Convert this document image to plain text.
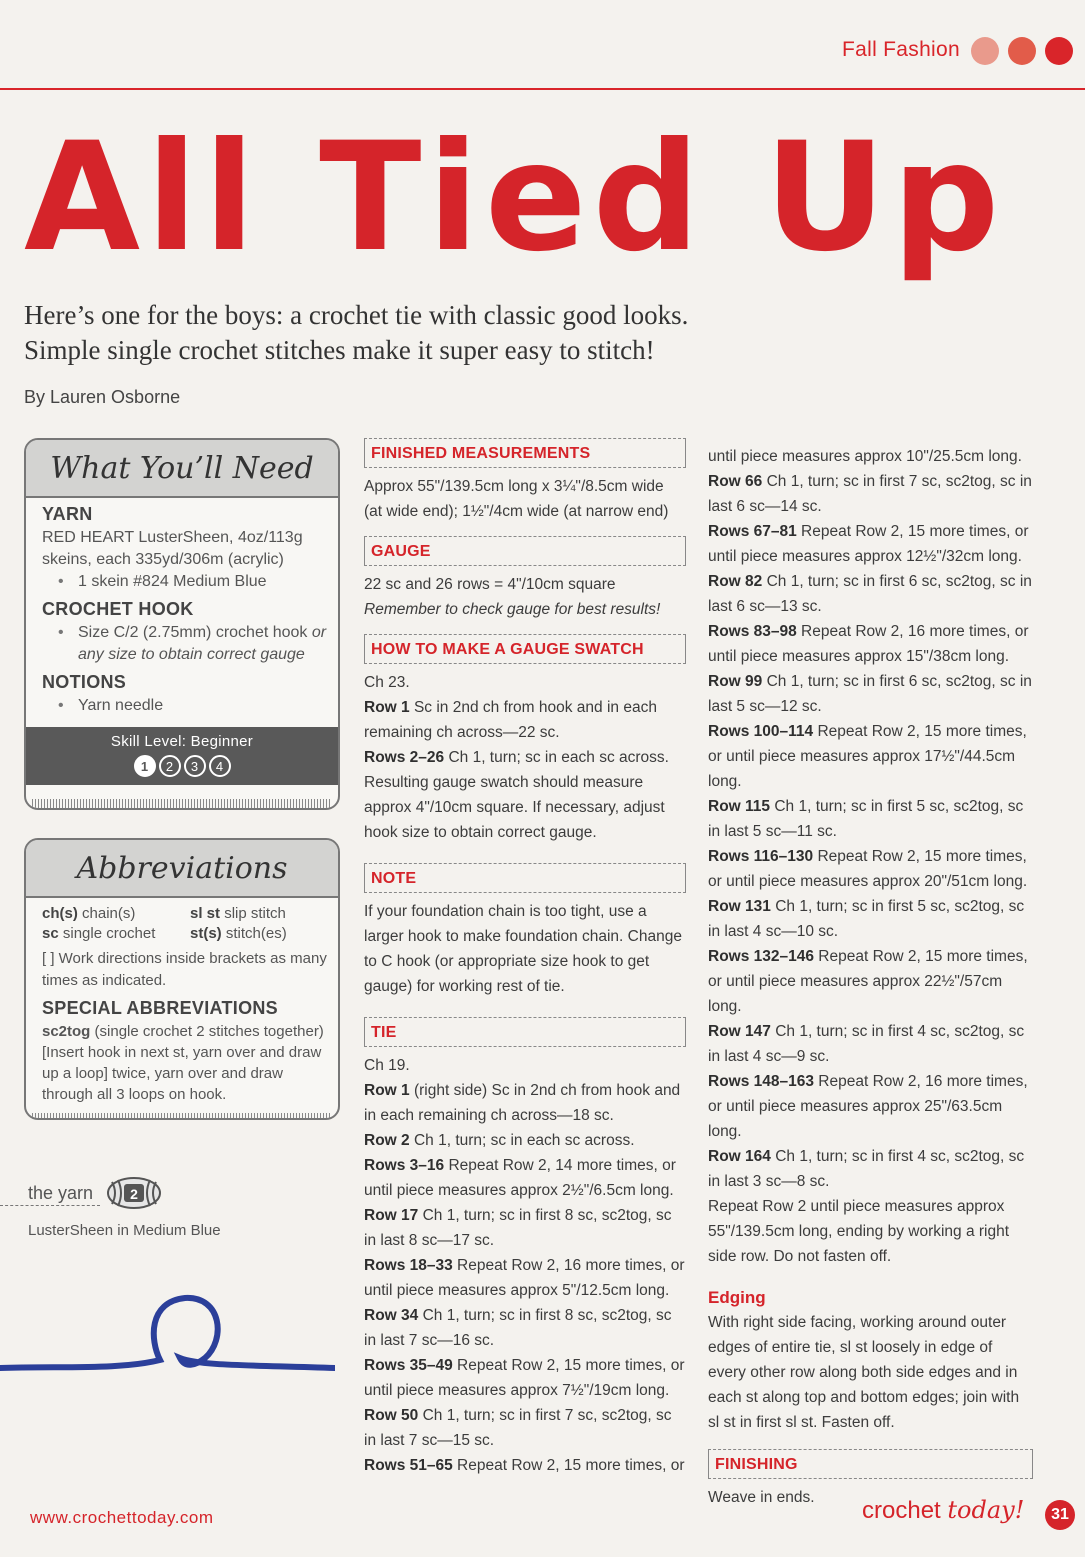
Fall Fashion
All Tied Up
Here’s one for the boys: a crochet tie with classic good looks.
Simple single crochet stitches make it super easy to stitch!
By Lauren Osborne
What You’ll Need
YARN
RED HEART LusterSheen, 4oz/113g
skeins, each 335yd/306m (acrylic)
• 1 skein #824 Medium Blue
CROCHET HOOK
• Size C/2 (2.75mm) crochet hook or any size to obtain correct gauge
NOTIONS
• Yarn needle
Skill Level: Beginner
1	2	3	4
Abbreviations
ch(s) chain(s)	sl st slip stitch
sc single crochet	st(s) stitch(es)
[ ] Work directions inside brackets as many times as indicated.
SPECIAL ABBREVIATIONS
sc2tog (single crochet 2 stitches together) [Insert hook in next st, yarn over and draw up a loop] twice, yarn over and draw through all 3 loops on hook.
the yarn	2
LusterSheen in Medium Blue
FINISHED MEASUREMENTS

Approx 55"/139.5cm long x 3¼"/8.5cm wide (at wide end); 1½"/4cm wide (at narrow end)

GAUGE

22 sc and 26 rows = 4"/10cm square

Remember to check gauge for best results!

HOW TO MAKE A GAUGE SWATCH

Ch 23.

Row 1 Sc in 2nd ch from hook and in each remaining ch across—22 sc.

Rows 2–26 Ch 1, turn; sc in each sc across. Resulting gauge swatch should measure approx 4"/10cm square. If necessary, adjust hook size to obtain correct gauge.

NOTE

If your foundation chain is too tight, use a larger hook to make foundation chain. Change to C hook (or appropriate size hook to get gauge) for working rest of tie.

TIE

Ch 19.

Row 1 (right side) Sc in 2nd ch from hook and in each remaining ch across—18 sc.

Row 2 Ch 1, turn; sc in each sc across.

Rows 3–16 Repeat Row 2, 14 more times, or until piece measures approx 2½"/6.5cm long.

Row 17 Ch 1, turn; sc in first 8 sc, sc2tog, sc in last 8 sc—17 sc.

Rows 18–33 Repeat Row 2, 16 more times, or until piece measures approx 5"/12.5cm long.

Row 34 Ch 1, turn; sc in first 8 sc, sc2tog, sc in last 7 sc—16 sc.

Rows 35–49 Repeat Row 2, 15 more times, or until piece measures approx 7½"/19cm long.

Row 50 Ch 1, turn; sc in first 7 sc, sc2tog, sc in last 7 sc—15 sc.

Rows 51–65 Repeat Row 2, 15 more times, or

until piece measures approx 10"/25.5cm long.

Row 66 Ch 1, turn; sc in first 7 sc, sc2tog, sc in last 6 sc—14 sc.

Rows 67–81 Repeat Row 2, 15 more times, or until piece measures approx 12½"/32cm long.

Row 82 Ch 1, turn; sc in first 6 sc, sc2tog, sc in last 6 sc—13 sc.

Rows 83–98 Repeat Row 2, 16 more times, or until piece measures approx 15"/38cm long.

Row 99 Ch 1, turn; sc in first 6 sc, sc2tog, sc in last 5 sc—12 sc.

Rows 100–114 Repeat Row 2, 15 more times, or until piece measures approx 17½"/44.5cm long.

Row 115 Ch 1, turn; sc in first 5 sc, sc2tog, sc in last 5 sc—11 sc.

Rows 116–130 Repeat Row 2, 15 more times, or until piece measures approx 20"/51cm long.

Row 131 Ch 1, turn; sc in first 5 sc, sc2tog, sc in last 4 sc—10 sc.

Rows 132–146 Repeat Row 2, 15 more times, or until piece measures approx 22½"/57cm long.

Row 147 Ch 1, turn; sc in first 4 sc, sc2tog, sc in last 4 sc—9 sc.

Rows 148–163 Repeat Row 2, 16 more times, or until piece measures approx 25"/63.5cm long.

Row 164 Ch 1, turn; sc in first 4 sc, sc2tog, sc in last 3 sc—8 sc.

Repeat Row 2 until piece measures approx 55"/139.5cm long, ending by working a right side row. Do not fasten off.

Edging

With right side facing, working around outer edges of entire tie, sl st loosely in edge of every other row along both side edges and in each st along top and bottom edges; join with sl st in first sl st. Fasten off.

FINISHING

Weave in ends.

www.crochettoday.com	crochet today!	31
